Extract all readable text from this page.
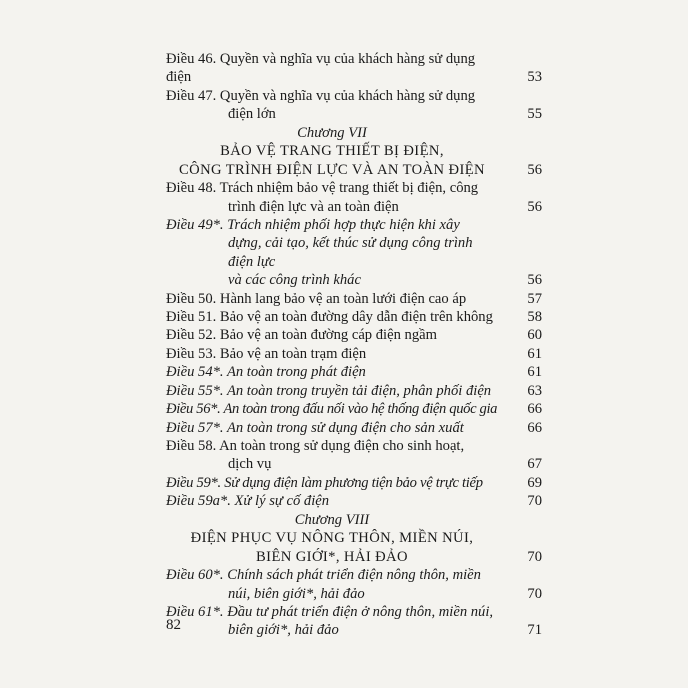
Điều 46. Quyền và nghĩa vụ của khách hàng sử dụng điện	53
Điều 47. Quyền và nghĩa vụ của khách hàng sử dụng
điện lớn	55
Chương VII
BẢO VỆ TRANG THIẾT BỊ ĐIỆN,
CÔNG TRÌNH ĐIỆN LỰC VÀ AN TOÀN ĐIỆN	56
Điều 48. Trách nhiệm bảo vệ trang thiết bị điện, công
trình điện lực và an toàn điện	56
Điều 49*. Trách nhiệm phối hợp thực hiện khi xây
dựng, cải tạo, kết thúc sử dụng công trình điện lực
và các công trình khác	56
Điều 50. Hành lang bảo vệ an toàn lưới điện cao áp	57
Điều 51. Bảo vệ an toàn đường dây dẫn điện trên không	58
Điều 52. Bảo vệ an toàn đường cáp điện ngầm	60
Điều 53. Bảo vệ an toàn trạm điện	61
Điều 54*. An toàn trong phát điện	61
Điều 55*. An toàn trong truyền tải điện, phân phối điện	63
Điều 56*. An toàn trong đấu nối vào hệ thống điện quốc gia	66
Điều 57*. An toàn trong sử dụng điện cho sản xuất	66
Điều 58. An toàn trong sử dụng điện cho sinh hoạt,
dịch vụ	67
Điều 59*. Sử dụng điện làm phương tiện bảo vệ trực tiếp	69
Điều 59a*. Xử lý sự cố điện	70
Chương VIII
ĐIỆN PHỤC VỤ NÔNG THÔN, MIỀN NÚI,
BIÊN GIỚI*, HẢI ĐẢO	70
Điều 60*. Chính sách phát triển điện nông thôn, miền
núi, biên giới*, hải đảo	70
Điều 61*. Đầu tư phát triển điện ở nông thôn, miền núi,
biên giới*, hải đảo	71
82
